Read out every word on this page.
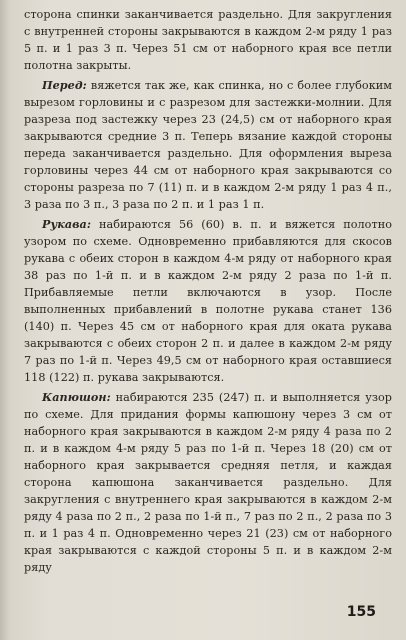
сторона спинки заканчивается раздельно. Для закругления с внутренней стороны закрываются в каждом 2-м ряду 1 раз 5 п. и 1 раз 3 п. Через 51 см от наборного края все петли полотна закрыты.

Перед: вяжется так же, как спинка, но с более глубоким вырезом горловины и с разрезом для застежки-молнии. Для разреза под застежку через 23 (24,5) см от наборного края закрываются средние 3 п. Теперь вязание каждой стороны переда заканчивается раздельно. Для оформления выреза горловины через 44 см от наборного края закрываются со стороны разреза по 7 (11) п. и в каждом 2-м ряду 1 раз 4 п., 3 раза по 3 п., 3 раза по 2 п. и 1 раз 1 п.

Рукава: набираются 56 (60) в. п. и вяжется полотно узором по схеме. Одновременно прибавляются для скосов рукава с обеих сторон в каждом 4-м ряду от наборного края 38 раз по 1-й п. и в каждом 2-м ряду 2 раза по 1-й п. Прибавляемые петли включаются в узор. После выполненных прибавлений в полотне рукава станет 136 (140) п. Через 45 см от наборного края для оката рукава закрываются с обеих сторон 2 п. и далее в каждом 2-м ряду 7 раз по 1-й п. Через 49,5 см от наборного края оставшиеся 118 (122) п. рукава закрываются.

Капюшон: набираются 235 (247) п. и выполняется узор по схеме. Для придания формы капюшону через 3 см от наборного края закрываются в каждом 2-м ряду 4 раза по 2 п. и в каждом 4-м ряду 5 раз по 1-й п. Через 18 (20) см от наборного края закрывается средняя петля, и каждая сторона капюшона заканчивается раздельно. Для закругления с внутреннего края закрываются в каждом 2-м ряду 4 раза по 2 п., 2 раза по 1-й п., 7 раз по 2 п., 2 раза по 3 п. и 1 раз 4 п. Одновременно через 21 (23) см от наборного края закрываются с каждой стороны 5 п. и в каждом 2-м ряду

155
